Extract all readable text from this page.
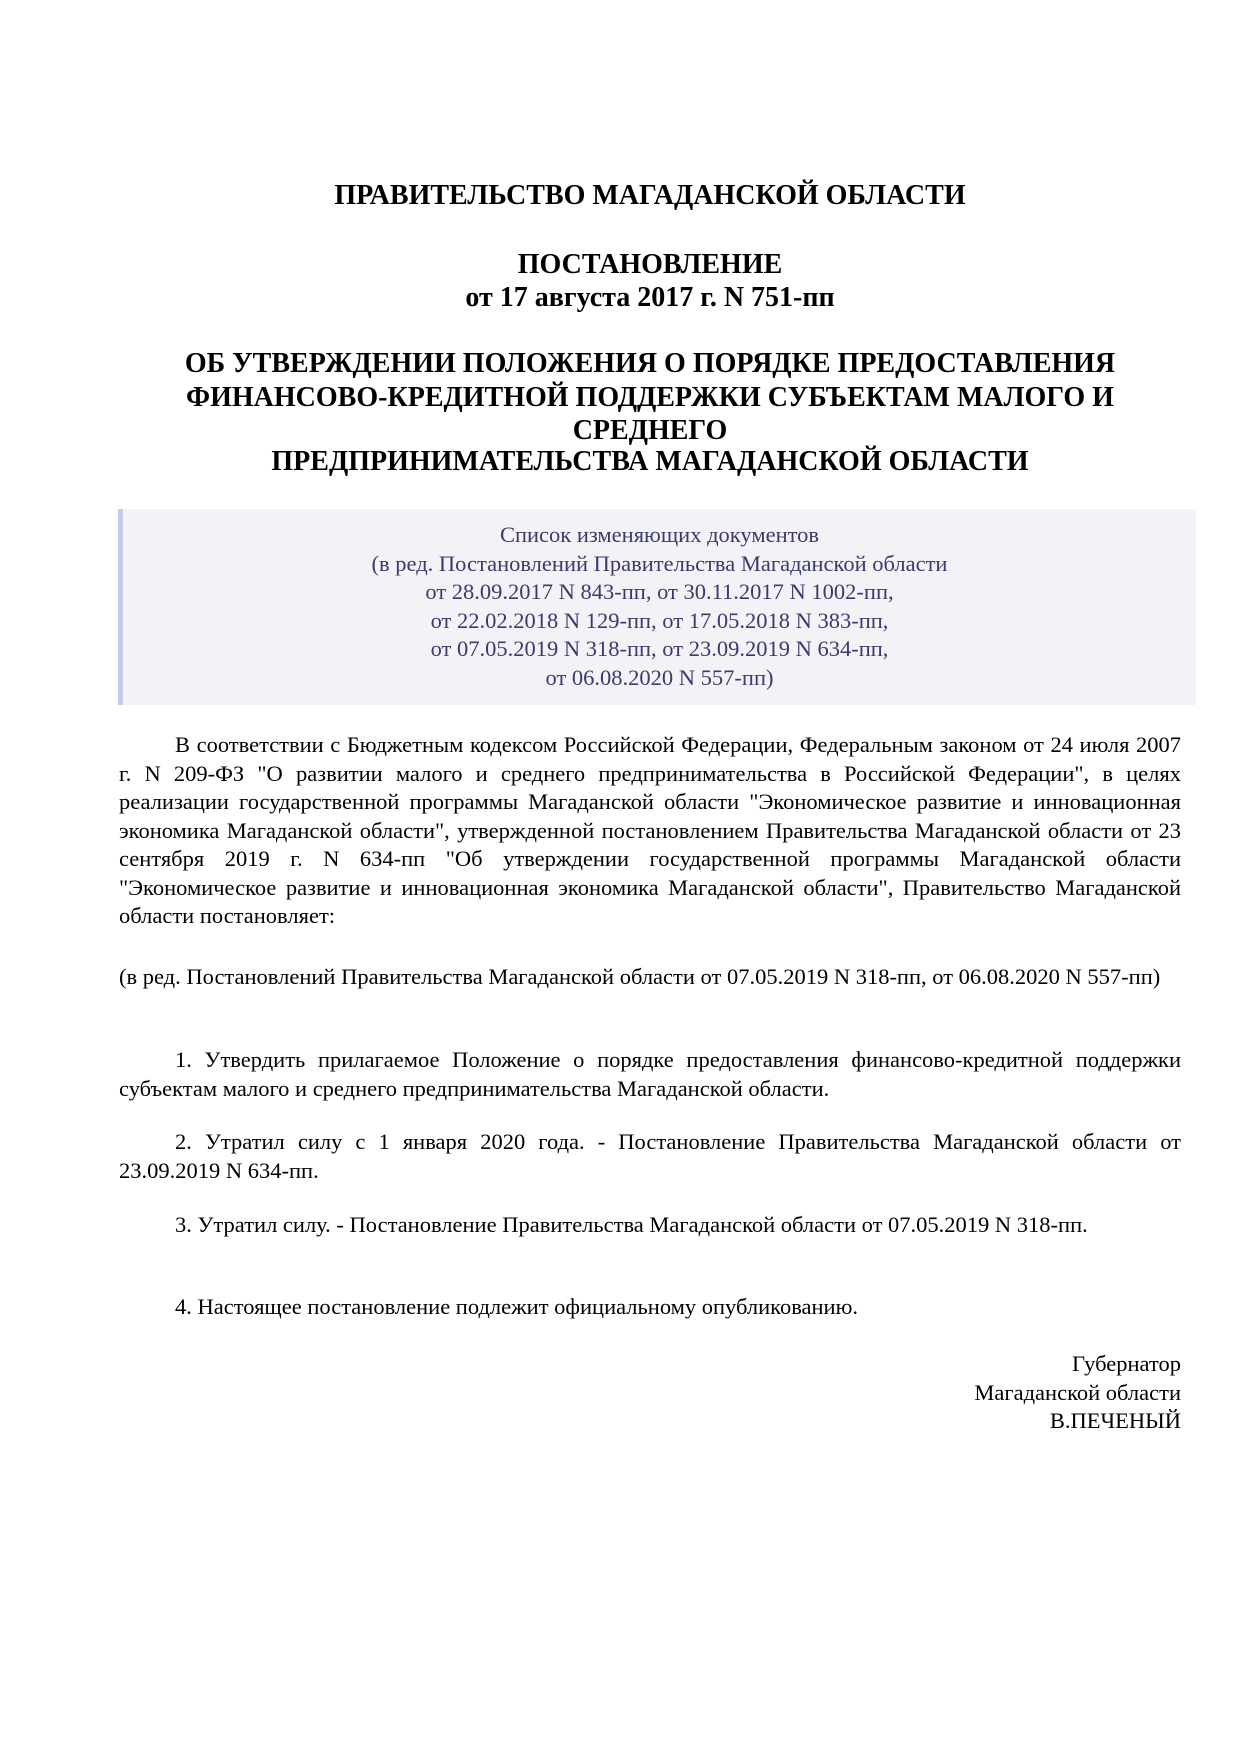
ПРАВИТЕЛЬСТВО МАГАДАНСКОЙ ОБЛАСТИ
ПОСТАНОВЛЕНИЕ
от 17 августа 2017 г. N 751-пп
ОБ УТВЕРЖДЕНИИ ПОЛОЖЕНИЯ О ПОРЯДКЕ ПРЕДОСТАВЛЕНИЯ
ФИНАНСОВО-КРЕДИТНОЙ ПОДДЕРЖКИ СУБЪЕКТАМ МАЛОГО И
СРЕДНЕГО
ПРЕДПРИНИМАТЕЛЬСТВА МАГАДАНСКОЙ ОБЛАСТИ
Список изменяющих документов
(в ред. Постановлений Правительства Магаданской области
от 28.09.2017 N 843-пп, от 30.11.2017 N 1002-пп,
от 22.02.2018 N 129-пп, от 17.05.2018 N 383-пп,
от 07.05.2019 N 318-пп, от 23.09.2019 N 634-пп,
от 06.08.2020 N 557-пп)
В соответствии с Бюджетным кодексом Российской Федерации, Федеральным законом от 24 июля 2007 г. N 209-ФЗ "О развитии малого и среднего предпринимательства в Российской Федерации", в целях реализации государственной программы Магаданской области "Экономическое развитие и инновационная экономика Магаданской области", утвержденной постановлением Правительства Магаданской области от 23 сентября 2019 г. N 634-пп "Об утверждении государственной программы Магаданской области "Экономическое развитие и инновационная экономика Магаданской области", Правительство Магаданской области постановляет:
(в ред. Постановлений Правительства Магаданской области от 07.05.2019 N 318-пп, от 06.08.2020 N 557-пп)
1. Утвердить прилагаемое Положение о порядке предоставления финансово-кредитной поддержки субъектам малого и среднего предпринимательства Магаданской области.
2. Утратил силу с 1 января 2020 года. - Постановление Правительства Магаданской области от 23.09.2019 N 634-пп.
3. Утратил силу. - Постановление Правительства Магаданской области от 07.05.2019 N 318-пп.
4. Настоящее постановление подлежит официальному опубликованию.
Губернатор
Магаданской области
В.ПЕЧЕНЫЙ
